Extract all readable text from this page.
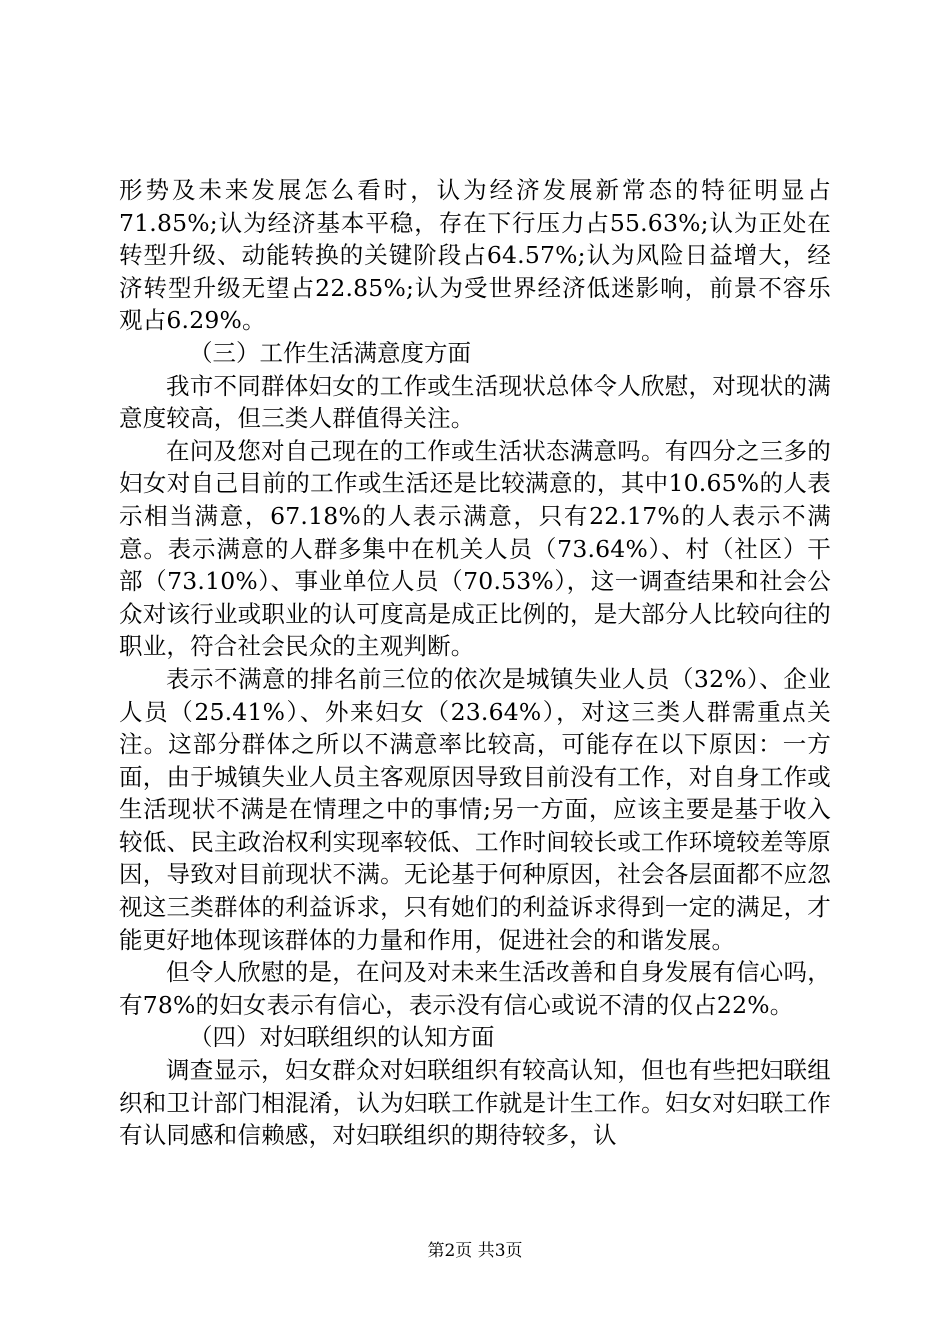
形势及未来发展怎么看时，认为经济发展新常态的特征明显占71.85%;认为经济基本平稳，存在下行压力占55.63%;认为正处在转型升级、动能转换的关键阶段占64.57%;认为风险日益增大，经济转型升级无望占22.85%;认为受世界经济低迷影响，前景不容乐观占6.29%。

（三）工作生活满意度方面

我市不同群体妇女的工作或生活现状总体令人欣慰，对现状的满意度较高，但三类人群值得关注。

在问及您对自己现在的工作或生活状态满意吗。有四分之三多的妇女对自己目前的工作或生活还是比较满意的，其中10.65%的人表示相当满意，67.18%的人表示满意，只有22.17%的人表示不满意。表示满意的人群多集中在机关人员（73.64%）、村（社区）干部（73.10%）、事业单位人员（70.53%），这一调查结果和社会公众对该行业或职业的认可度高是成正比例的，是大部分人比较向往的职业，符合社会民众的主观判断。

表示不满意的排名前三位的依次是城镇失业人员（32%）、企业人员（25.41%）、外来妇女（23.64%），对这三类人群需重点关注。这部分群体之所以不满意率比较高，可能存在以下原因：一方面，由于城镇失业人员主客观原因导致目前没有工作，对自身工作或生活现状不满是在情理之中的事情;另一方面，应该主要是基于收入较低、民主政治权利实现率较低、工作时间较长或工作环境较差等原因，导致对目前现状不满。无论基于何种原因，社会各层面都不应忽视这三类群体的利益诉求，只有她们的利益诉求得到一定的满足，才能更好地体现该群体的力量和作用，促进社会的和谐发展。

但令人欣慰的是，在问及对未来生活改善和自身发展有信心吗，有78%的妇女表示有信心，表示没有信心或说不清的仅占22%。

（四）对妇联组织的认知方面

调查显示，妇女群众对妇联组织有较高认知，但也有些把妇联组织和卫计部门相混淆，认为妇联工作就是计生工作。妇女对妇联工作有认同感和信赖感，对妇联组织的期待较多，认

第2页 共3页
